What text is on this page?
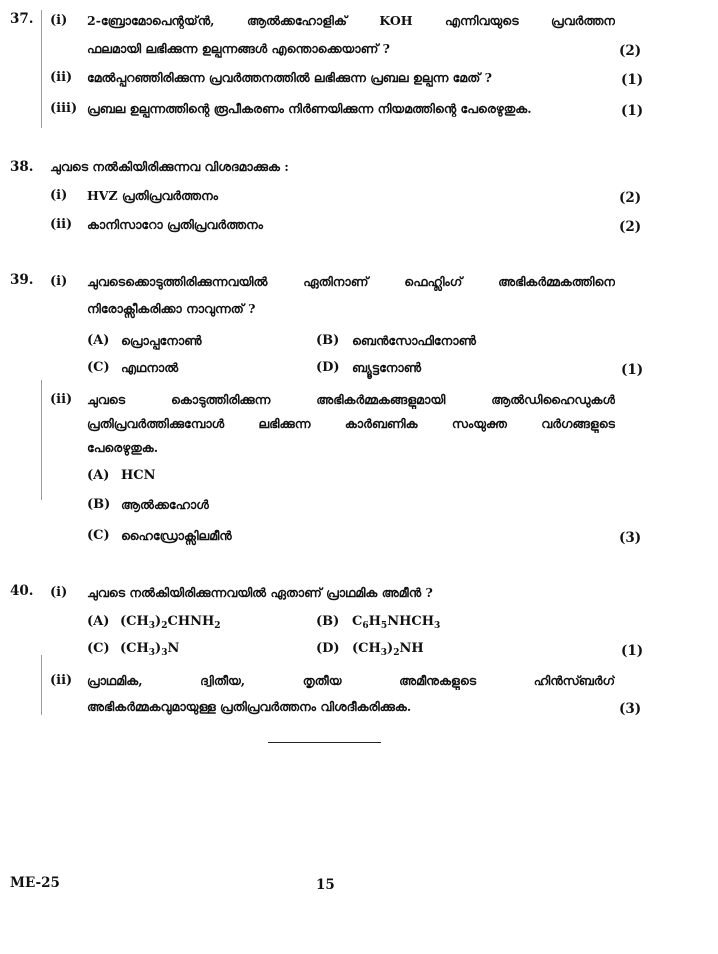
37. (i) 2-ബ്രോമോപെന്റയ്ൻ, ആൽക്കഹോളിക് KOH എന്നിവയുടെ പ്രവർത്തന
ഫലമായി ലഭിക്കുന്ന ഉല്പന്നങ്ങൾ എന്തൊക്കെയാണ് ?	(2)
(ii) മേൽപ്പറഞ്ഞിരിക്കുന്ന പ്രവർത്തനത്തിൽ ലഭിക്കുന്ന പ്രബല ഉല്പന്ന മേത് ?	(1)
(iii) പ്രബല ഉല്പന്നത്തിന്റെ രൂപീകരണം നിർണയിക്കുന്ന നിയമത്തിന്റെ പേരെഴുതുക.	(1)
38. ചുവടെ നൽകിയിരിക്കുന്നവ വിശദമാക്കുക :
(i) HVZ പ്രതിപ്രവർത്തനം	(2)
(ii) കാനിസാറോ പ്രതിപ്രവർത്തനം	(2)
39. (i) ചുവടെക്കൊടുത്തിരിക്കുന്നവയിൽ ഏതിനാണ് ഫെഹ്ലിംഗ് അഭികർമ്മകത്തിനെ
നിരോക്സീകരിക്കാ നാവുന്നത് ?
(A) പ്രൊപ്പനോൺ	(B) ബെൻസോഫിനോൺ
(C) എഥനാൽ	(D) ബ്യൂട്ടനോൺ	(1)
(ii) ചുവടെ കൊടുത്തിരിക്കുന്ന അഭികർമ്മകങ്ങളുമായി ആൽഡിഹൈഡുകൾ
പ്രതിപ്രവർത്തിക്കുമ്പോൾ ലഭിക്കുന്ന കാർബണിക സംയുക്ത വർഗങ്ങളുടെ
പേരെഴുതുക.
(A) HCN
(B) ആൽക്കഹോൾ
(C) ഹൈഡ്രോക്സിലമീൻ	(3)
40. (i) ചുവടെ നൽകിയിരിക്കുന്നവയിൽ ഏതാണ് പ്രാഥമിക അമീൻ ?
(A) $(CH_3)_2CHNH_2$	(B) $C_6H_5NHCH_3$
(C) $(CH_3)_3N$	(D) $(CH_3)_2NH$	(1)
(ii) പ്രാഥമിക, ദ്വിതീയ, തൃതീയ അമീനുകളുടെ ഹിൻസ്ബർഗ്
അഭികർമ്മകവുമായുള്ള പ്രതിപ്രവർത്തനം വിശദീകരിക്കുക.	(3)
ME-25	15
